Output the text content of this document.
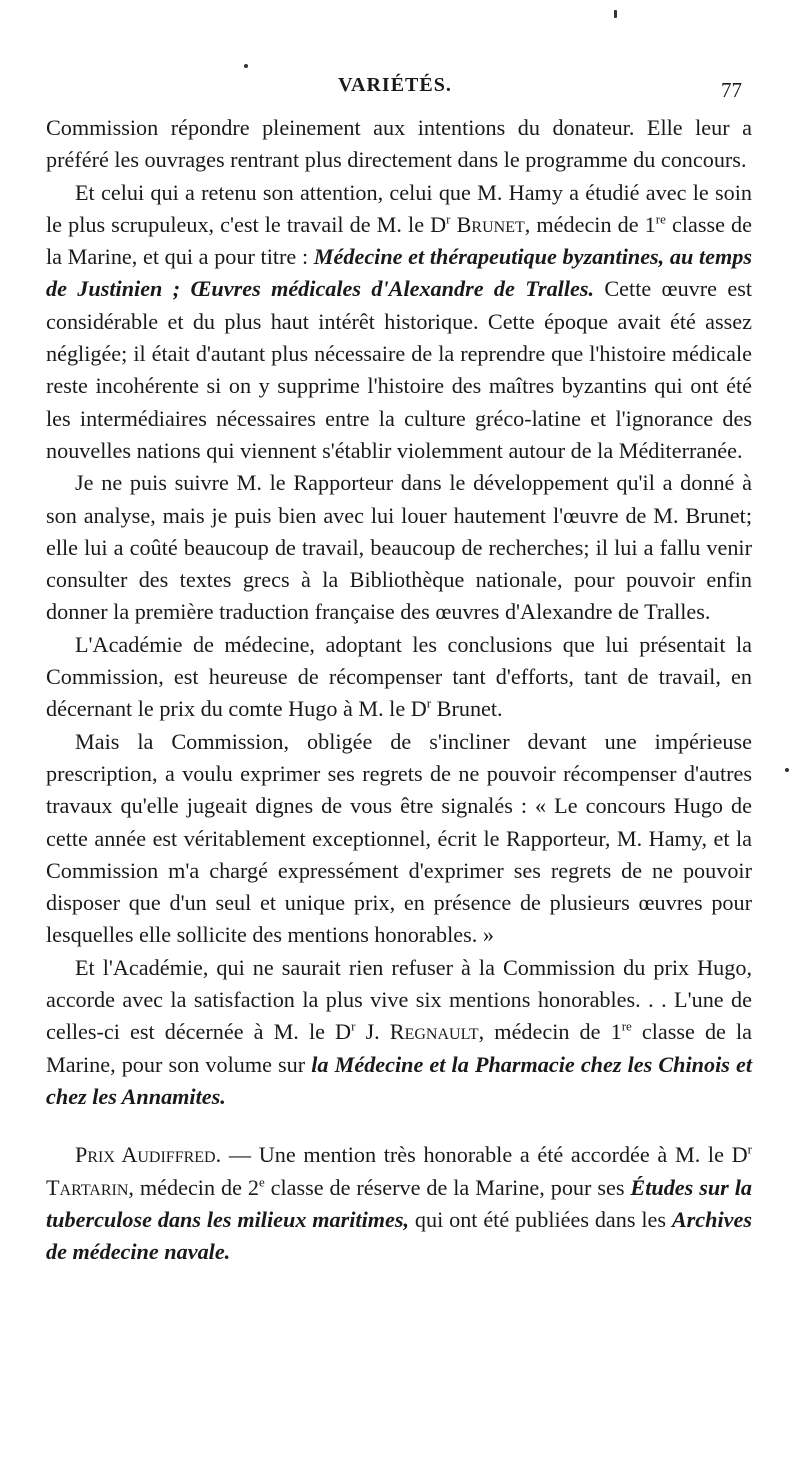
VARIÉTÉS.	77

Commission répondre pleinement aux intentions du donateur. Elle leur a préféré les ouvrages rentrant plus directement dans le programme du concours.

Et celui qui a retenu son attention, celui que M. Hamy a étudié avec le soin le plus scrupuleux, c'est le travail de M. le $D^r$ Brunet, médecin de 1re classe de la Marine, et qui a pour titre : Médecine et thérapeutique byzantines, au temps de Justinien ; Œuvres médicales d'Alexandre de Tralles. Cette œuvre est considérable et du plus haut intérêt historique. Cette époque avait été assez négligée; il était d'autant plus nécessaire de la reprendre que l'histoire médicale reste incohérente si on y supprime l'histoire des maîtres byzantins qui ont été les intermédiaires nécessaires entre la culture gréco-latine et l'ignorance des nouvelles nations qui viennent s'établir violemment autour de la Méditerranée.

Je ne puis suivre M. le Rapporteur dans le développement qu'il a donné à son analyse, mais je puis bien avec lui louer hautement l'œuvre de M. Brunet; elle lui a coûté beaucoup de travail, beaucoup de recherches; il lui a fallu venir consulter des textes grecs à la Bibliothèque nationale, pour pouvoir enfin donner la première traduction française des œuvres d'Alexandre de Tralles.

L'Académie de médecine, adoptant les conclusions que lui présentait la Commission, est heureuse de récompenser tant d'efforts, tant de travail, en décernant le prix du comte Hugo à M. le $D^r$ Brunet.

Mais la Commission, obligée de s'incliner devant une impérieuse prescription, a voulu exprimer ses regrets de ne pouvoir récompenser d'autres travaux qu'elle jugeait dignes de vous être signalés : « Le concours Hugo de cette année est véritablement exceptionnel, écrit le Rapporteur, M. Hamy, et la Commission m'a chargé expressément d'exprimer ses regrets de ne pouvoir disposer que d'un seul et unique prix, en présence de plusieurs œuvres pour lesquelles elle sollicite des mentions honorables. »

Et l'Académie, qui ne saurait rien refuser à la Commission du prix Hugo, accorde avec la satisfaction la plus vive six mentions honorables. . . L'une de celles-ci est décernée à M. le $D^r$ J. Regnault, médecin de 1re classe de la Marine, pour son volume sur la Médecine et la Pharmacie chez les Chinois et chez les Annamites.

Prix Audiffred. — Une mention très honorable a été accordée à M. le $D^r$ Tartarin, médecin de 2e classe de réserve de la Marine, pour ses Études sur la tuberculose dans les milieux maritimes, qui ont été publiées dans les Archives de médecine navale.
